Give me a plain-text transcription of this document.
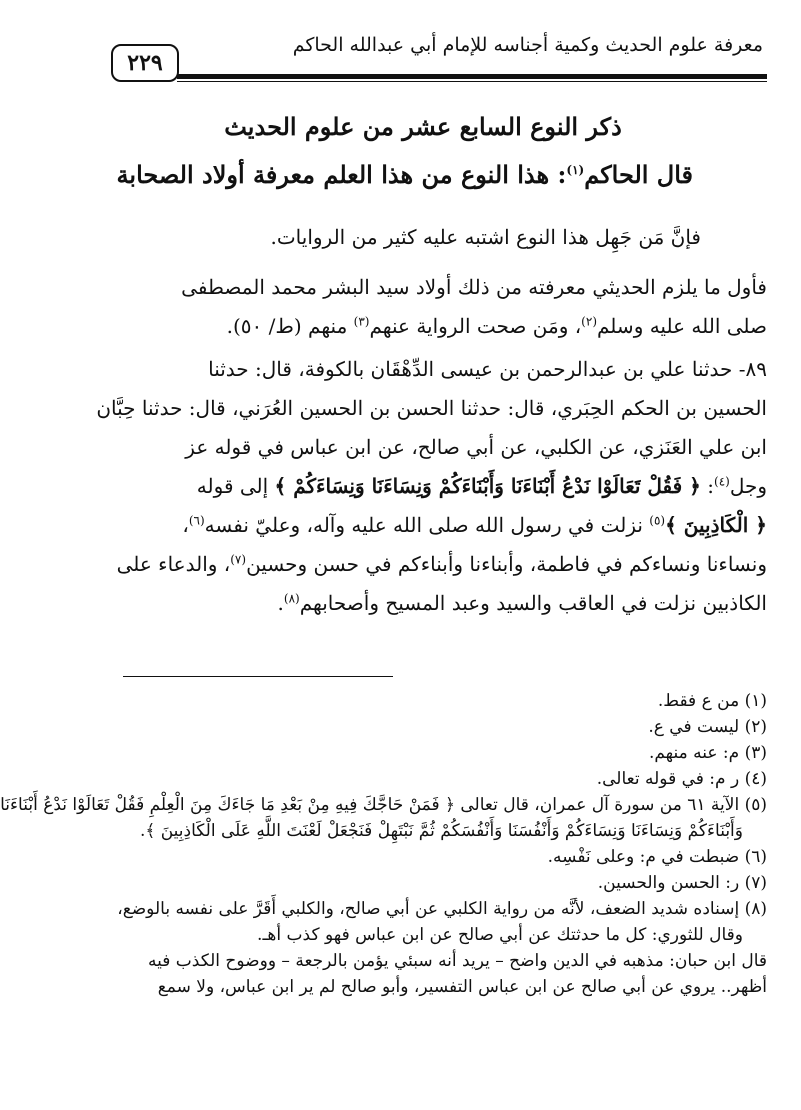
٢٢٩
معرفة علوم الحديث وكمية أجناسه للإمام أبي عبدالله الحاكم
ذكر النوع السابع عشر من علوم الحديث
قال الحاكم$^{(١)}$: هذا النوع من هذا العلم معرفة أولاد الصحابة
فإنَّ مَن جَهِل هذا النوع اشتبه عليه كثير من الروايات.
فأول ما يلزم الحديثي معرفته من ذلك أولاد سيد البشر محمد المصطفى
صلى الله عليه وسلم$^{(٢)}$، ومَن صحت الرواية عنهم$^{(٣)}$ منهم (ط/ ٥٠).
٨٩- حدثنا علي بن عبدالرحمن بن عيسى الدِّهْقَان بالكوفة، قال: حدثنا
الحسين بن الحكم الحِبَري، قال: حدثنا الحسن بن الحسين العُرَني، قال: حدثنا حِبَّان
ابن علي العَنَزي، عن الكلبي، عن أبي صالح، عن ابن عباس في قوله عز
وجل$^{(٤)}$: ﴿ فَقُلْ تَعَالَوْا نَدْعُ أَبْنَاءَنَا وَأَبْنَاءَكُمْ وَنِسَاءَنَا وَنِسَاءَكُمْ ﴾ إلى قوله
﴿ الْكَاذِبِينَ ﴾$^{(٥)}$ نزلت في رسول الله صلى الله عليه وآله، وعليّ نفسه$^{(٦)}$،
ونساءنا ونساءكم في فاطمة، وأبناءنا وأبناءكم في حسن وحسين$^{(٧)}$، والدعاء على
الكاذبين نزلت في العاقب والسيد وعبد المسيح وأصحابهم$^{(٨)}$.
(١) من ع فقط.
(٢) ليست في ع.
(٣) م: عنه منهم.
(٤) ر م: في قوله تعالى.
(٥) الآية ٦١ من سورة آل عمران، قال تعالى ﴿ فَمَنْ حَاجَّكَ فِيهِ مِنْ بَعْدِ مَا جَاءَكَ مِنَ الْعِلْمِ فَقُلْ تَعَالَوْا نَدْعُ أَبْنَاءَنَا
وَأَبْنَاءَكُمْ وَنِسَاءَنَا وَنِسَاءَكُمْ وَأَنْفُسَنَا وَأَنْفُسَكُمْ ثُمَّ نَبْتَهِلْ فَنَجْعَلْ لَعْنَتَ اللَّهِ عَلَى الْكَاذِبِينَ ﴾.
(٦) ضبطت في م: وعلى نَفْسِه.
(٧) ر: الحسن والحسين.
(٨) إسناده شديد الضعف، لأنَّه من رواية الكلبي عن أبي صالح، والكلبي أَقَرَّ على نفسه بالوضع،
وقال للثوري: كل ما حدثتك عن أبي صالح عن ابن عباس فهو كذب أهـ.
قال ابن حبان: مذهبه في الدين واضح – يريد أنه سبئي يؤمن بالرجعة – ووضوح الكذب فيه
أظهر.. يروي عن أبي صالح عن ابن عباس التفسير، وأبو صالح لم ير ابن عباس، ولا سمع
